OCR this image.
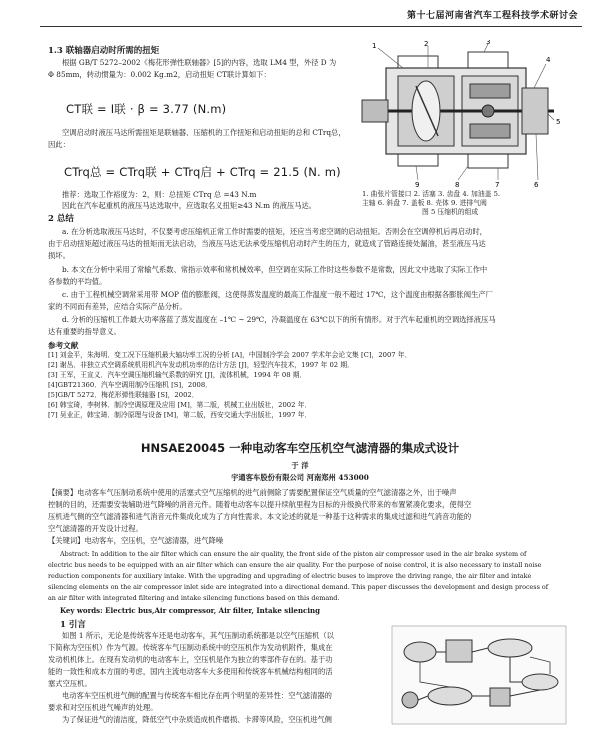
第十七届河南省汽车工程科技学术研讨会
1.3 联轴器启动时所需的扭矩
根据 GB/T 5272–2002《梅花形弹性联轴器》[5]的内容，选取 LM4 型，外径 D 为
Φ 85mm，转动惯量为：0.002 Kg.m2，启动扭矩 CT联计算如下：
CT联 = I联 · β = 3.77 (N.m)
空调启动时液压马达所需扭矩是联轴器、压缩机的工作扭矩和启动扭矩的总和 CTrq总，
因此：
CTrq总 = CTrq联 + CTrq启 + CTrq = 21.5 (N. m)
推荐：选取工作裕度为：2，则：总扭矩 CTrq 总 =43 N.m
因此在汽车起重机的液压马达选取中，应选取名义扭矩≥43 N.m 的液压马达。
1	2	3
4
5
6
7
8
9
1. 曲张片管接口 2. 活塞 3. 齿盘 4. 加油盖 5.
主轴 6. 斜盘 7. 盖板 8. 壳体 9. 进排气阀
图 5 压缩机的组成
2 总结
a. 在分析选取液压马达时，不仅要考虑压缩机正常工作时需要的扭矩，还应当考虑空调的启动扭矩。否则会在空调停机后再启动时，
由于启动扭矩超过液压马达的扭矩而无法启动，当液压马达无法承受压缩机启动时产生的压力，就造成了管路连接处漏油，甚至液压马达
损坏。
b. 本文在分析中采用了常输气系数、常指示效率和常机械效率，但空调在实际工作时这些参数不是常数，因此文中选取了实际工作中
各参数的平均值。
c. 由于工程机械空调常采用带 MOP 值的膨胀阀，这使得蒸发温度的最高工作温度一般不超过 17℃，这个温度由根据各膨胀阀生产厂
家的不同而有差异，应结合实际产品分析。
d. 分析的压缩机工作最大功率落蓝了蒸发温度在 –1℃ ~ 29℃，冷凝温度在 63℃以下的所有情形。对于汽车起重机的空调选择液压马
达有重要的指导意义。
参考文献
[1] 刘金平，朱海明．变工况下压缩机最大轴功率工况的分析 [A]，中国制冷学会 2007 学术年会论文集 [C]，2007 年．
[2] 谢丛．非独立式空调系统机用机汽车发动机功率的估计方法 [J]，轻型汽车技术，1997 年 02 期．
[3] 王军，王宣义．汽车空调压缩机输气系数的研究 [J]，流体机械，1994 年 08 期．
[4]GBT21360．汽车空调用制冷压缩机 [S]，2008．
[5]GB/T 5272．梅花形弹性联轴器 [S]，2002．
[6] 韩宝琦，李树林．制冷空调原理及应用 [M]，第二版，机械工业出版社，2002 年．
[7] 吴业正，韩宝琦．制冷原理与设备 [M]，第二版，西安交通大学出版社，1997 年．
HNSAE20045 一种电动客车空压机空气滤清器的集成式设计
于 洋
宇通客车股份有限公司 河南郑州 453000
【摘要】电动客车气压制动系统中使用的活塞式空气压缩机的进气前侧除了需要配置保证空气质量的空气滤清器之外，出于噪声
控制的目的，还需要安装辅助进气降噪的消音元件。随着电动客车以提升续航里程为目标的升级换代带来的布置紧凑化要求，使得空
压机进气侧的空气滤清器和进气消音元件集成化成为了方向性需求。本文论述的就是一种基于这种需求的集成过滤和进气消音功能的
空气滤清器的开发设计过程。
【关键词】电动客车，空压机，空气滤清器，进气降噪
Abstract: In addition to the air filter which can ensure the air quality, the front side of the piston air compressor used in the air brake system of
electric bus needs to be equipped with an air filter which can ensure the air quality. For the purpose of noise control, it is also necessary to install noise
reduction components for auxiliary intake. With the upgrading and upgrading of electric buses to improve the driving range, the air filter and intake
silencing elements on the air compressor inlet side are integrated into a directional demand. This paper discusses the development and design process of
an air filter with integrated filtering and intake silencing functions based on this demand.
Key words: Electric bus,Air compressor, Air filter, Intake silencing
1 引言
如图 1 所示，无论是传统客车还是电动客车，其气压制动系统都是以空气压缩机（以
下简称为空压机）作为气源。传统客车气压制动系统中的空压机作为发动机附件，集成在
发动机机体上。在现有发动机的电动客车上，空压机是作为独立的零部件存在的。基于功
能的一致性和成本方面的考虑，国内主流电动客车大多使用和传统客车机械结构相同的活
塞式空压机。
电动客车空压机进气侧的配置与传统客车相比存在两个明显的差异性：空气滤清器的
要求和对空压机进气噪声的处理。
为了保证进气的清洁度，降低空气中杂质造成机件磨损、卡滞等风险，空压机进气侧
